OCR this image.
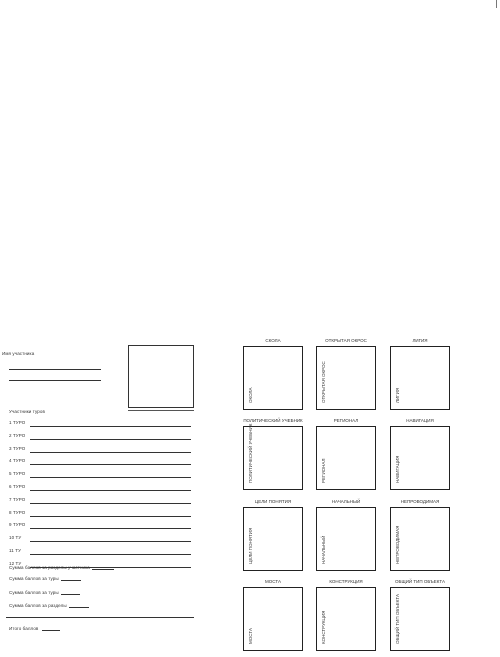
Имя участника
Участники туров
1 ТУРО
2 ТУРО
3 ТУРО
4 ТУРО
5 ТУРО
6 ТУРО
7 ТУРО
8 ТУРО
9 ТУРО
10 ТУ
11 ТУ
12 ТУ
Сумма баллов за разделы участника
Сумма баллов за туры
Сумма баллов за туры
Сумма баллов за разделы
Итого баллов
СКОЛА
ОКОЛА
ОТКРЫТАЯ ОКРОС
ОТКРЫТАЯ ОКРОС
ЛИГИЯ
ЛИГИЯ
ПОЛИТИЧЕСКИЙ УЧЕБНИК
ПОЛИТИЧЕСКИЙ УЧЕБНИК
РЕГИОНАЛ
РЕГИОНАЛ
НАВИГАЦИЯ
НАВИГАЦИЯ
ЦЕЛИ ПОНЯТИЯ
ЦЕЛИ ПОНЯТИЯ
НАЧАЛЬНЫЙ
НАЧАЛЬНЫЙ
НЕПРОВОДИМАЯ
НЕПРОВОДИМАЯ
МОСТА
МОСТА
КОНСТРУКЦИЯ
КОНСТРУКЦИЯ
ОБЩИЙ ТИП ОБЪЕКТА
ОБЩИЙ ТИП ОБЪЕКТА
